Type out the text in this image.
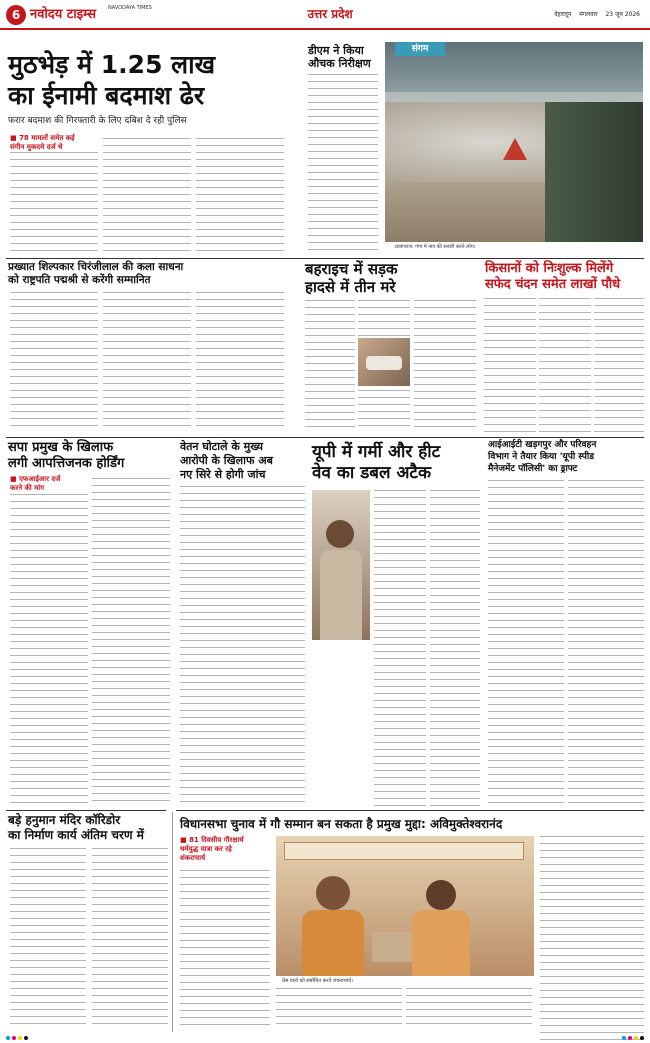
6 नवोदय टाइम्स NAVODAYA TIMES	उत्तर प्रदेश	देहरादून मंगलवार 23 जून 2026
मुठभेड़ में 1.25 लाख
का ईनामी बदमाश ढेर
फरार बदमाश की गिरफ्तारी के लिए दबिश दे रही पुलिस
■ 78 मामलों समेत कई
संगीन मुकदमे दर्ज थे
डीएम ने किया
औचक निरीक्षण
संगम
प्रयागराज: गंगा में नाव की सवारी करते लोग।
प्रख्यात शिल्पकार चिरंजीलाल की कला साधना
को राष्ट्रपति पद्मश्री से करेंगी सम्मानित
बहराइच में सड़क
हादसे में तीन मरे
किसानों को निःशुल्क मिलेंगे
सफेद चंदन समेत लाखों पौधे
सपा प्रमुख के खिलाफ
लगी आपत्तिजनक होर्डिंग
■ एफआईआर दर्ज
करने की मांग
वेतन घोटाले के मुख्य
आरोपी के खिलाफ अब
नए सिरे से होगी जांच
यूपी में गर्मी और हीट
वेव का डबल अटैक
आईआईटी खड़गपुर और परिवहन
विभाग ने तैयार किया 'यूपी स्पीड
मैनेजमेंट पॉलिसी' का ड्राफ्ट
बड़े हनुमान मंदिर कॉरिडोर
का निर्माण कार्य अंतिम चरण में
विधानसभा चुनाव में गौ सम्मान बन सकता है प्रमुख मुद्दा: अविमुक्तेश्वरानंद
■ 81 दिवसीय गौरक्षार्थ
धर्मयुद्ध यात्रा कर रहे
शंकराचार्य
प्रेस वार्ता को संबोधित करते शंकराचार्य।
